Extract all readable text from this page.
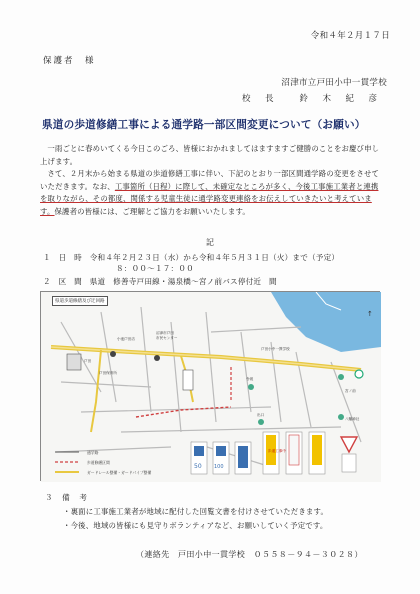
令和４年２月１７日
保護者　様
沼津市立戸田小中一貫学校
校　長　　鈴　木　紀　彦
県道の歩道修繕工事による通学路一部区間変更について（お願い）

一雨ごとに春めいてくる今日このごろ、皆様におかれましてはますますご健勝のことをお慶び申し上げます。

さて、２月末から始まる県道の歩道修繕工事に伴い、下記のとおり一部区間通学路の変更をさせていただきます。なお、工事箇所（日程）に際して、未確定なところが多く、今後工事施工業者と連携を取りながら、その都度、関係する児童生徒に通学路変更連絡をお伝えしていきたいと考えています。保護者の皆様には、ご理解とご協力をお願いいたします。

記
１　日　時　 令和４年２月２３日（水）から令和４年５月３１日（火）まで（予定）
８：００～１７：００
２　区　間　 県道　修善寺戸田線・湯泉橋～宮ノ前バス停付近　間
小池戸田店
戸田
沼津市戸田
市民センター
戸田小中一貫学校
戸田保育所
寺坂
出口
宮ノ前
八幡神社
↑
通学路
歩道修繕区間
ガードレール整備・ガードパイプ整備
50 100
歩道工事中
県道歩道修繕及び迂回路
３　備　考
・裏面に工事施工業者が地域に配付した回覧文書を付けさせていただきます。
・今後、地域の皆様にも見守りボランティアなど、お願いしていく予定です。
（連絡先　戸田小中一貫学校　０５５８－９４－３０２８）
